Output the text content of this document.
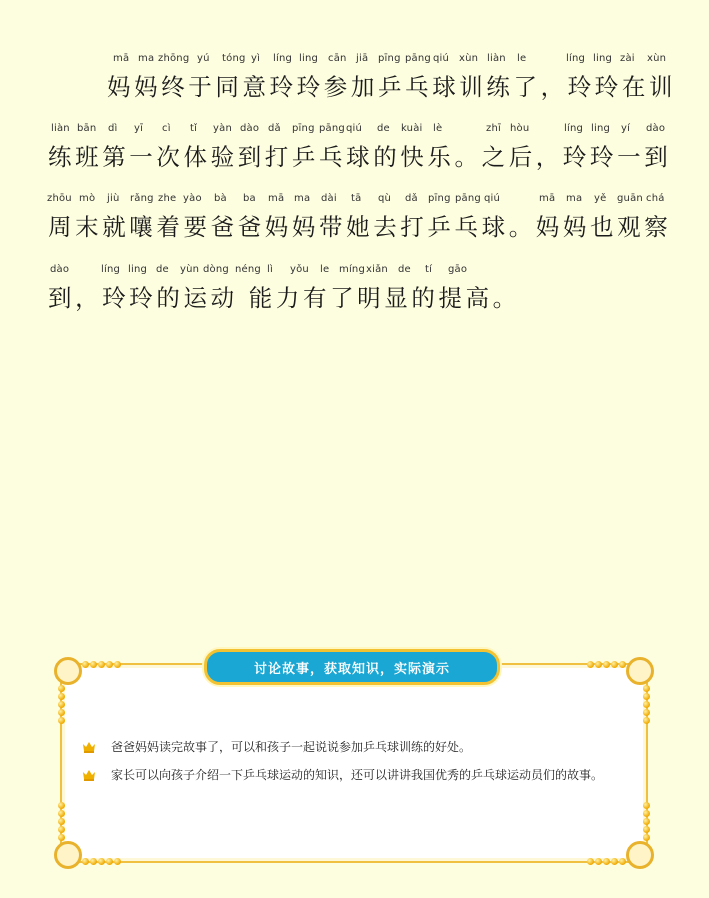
mā ma zhōng yú tóng yì líng ling cān jiā pīng pāng qiú xùn liàn le	líng ling zài xùn
妈妈终于同意玲玲参加乒乓球训练了，玲玲在训
liàn bān dì yī cì tǐ yàn dào dǎ pīng pāng qiú de kuài lè	zhī hòu	líng ling yí dào
练班第一次体验到打乒乓球的快乐。之后，玲玲一到
zhōu mò jiù rǎng zhe yào bà ba mā ma dài tā qù dǎ pīng pāng qiú	mā ma yě guān chá
周末就嚷着要爸爸妈妈带她去打乒乓球。妈妈也观察
dào	líng ling de yùn dòng néng lì yǒu le míng xiǎn de tí gāo
到，玲玲的运动 能力有了明显的提高。
讨论故事，获取知识，实际演示
爸爸妈妈读完故事了，可以和孩子一起说说参加乒乓球训练的好处。
家长可以向孩子介绍一下乒乓球运动的知识，还可以讲讲我国优秀的乒乓球运动员们的故事。
